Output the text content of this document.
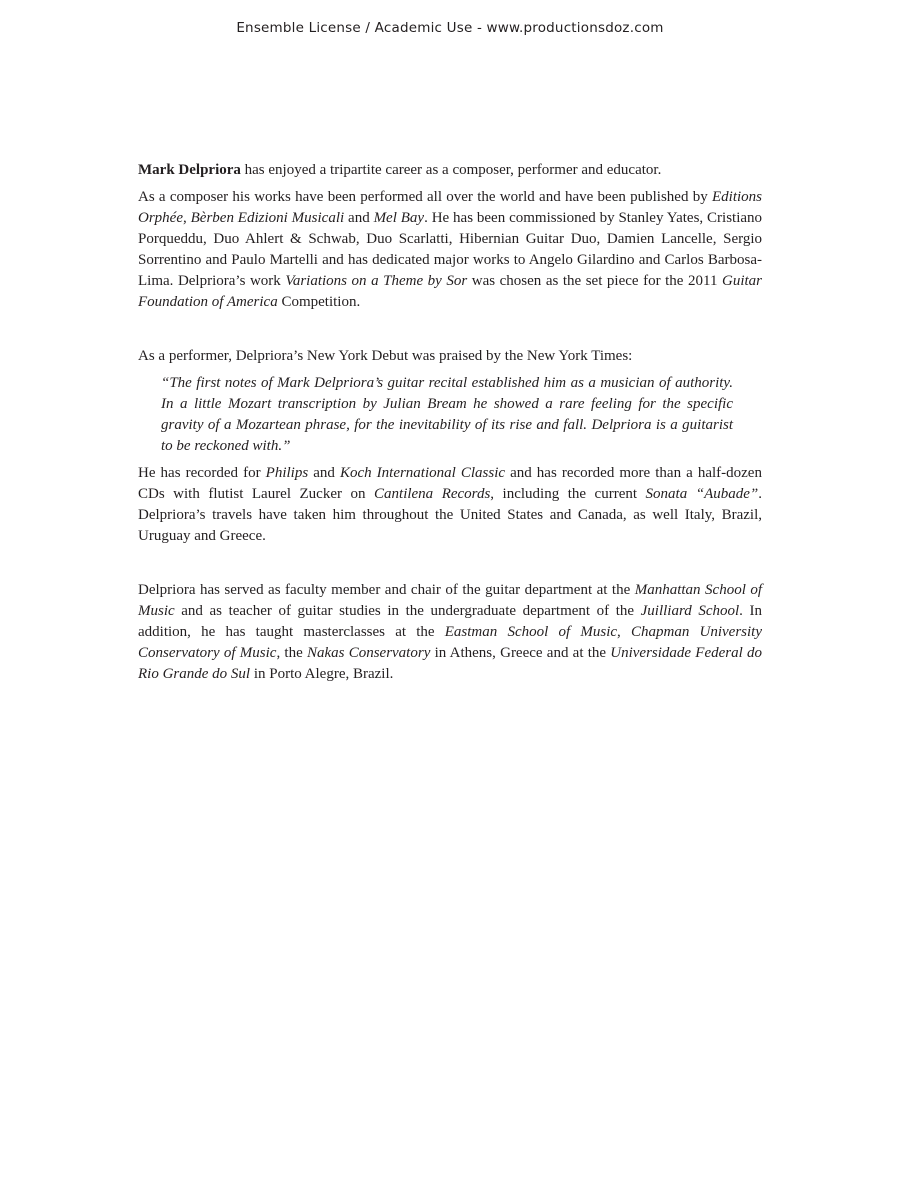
Ensemble License / Academic Use - www.productionsdoz.com

Mark Delpriora has enjoyed a tripartite career as a composer, performer and educator.

As a composer his works have been performed all over the world and have been published by Editions Orphée, Bèrben Edizioni Musicali and Mel Bay. He has been commissioned by Stanley Yates, Cristiano Porqueddu, Duo Ahlert & Schwab, Duo Scarlatti, Hibernian Guitar Duo, Damien Lancelle, Sergio Sorrentino and Paulo Martelli and has dedicated major works to Angelo Gilardino and Carlos Barbosa-Lima. Delpriora’s work Variations on a Theme by Sor was chosen as the set piece for the 2011 Guitar Foundation of America Competition.

As a performer, Delpriora’s New York Debut was praised by the New York Times:

“The first notes of Mark Delpriora’s guitar recital established him as a musician of authority. In a little Mozart transcription by Julian Bream he showed a rare feeling for the specific gravity of a Mozartean phrase, for the inevitability of its rise and fall. Delpriora is a guitarist to be reckoned with.”

He has recorded for Philips and Koch International Classic and has recorded more than a half-dozen CDs with flutist Laurel Zucker on Cantilena Records, including the current Sonata “Aubade”. Delpriora’s travels have taken him throughout the United States and Canada, as well Italy, Brazil, Uruguay and Greece.

Delpriora has served as faculty member and chair of the guitar department at the Manhattan School of Music and as teacher of guitar studies in the undergraduate department of the Juilliard School. In addition, he has taught masterclasses at the Eastman School of Music, Chapman University Conservatory of Music, the Nakas Conservatory in Athens, Greece and at the Universidade Federal do Rio Grande do Sul in Porto Alegre, Brazil.
